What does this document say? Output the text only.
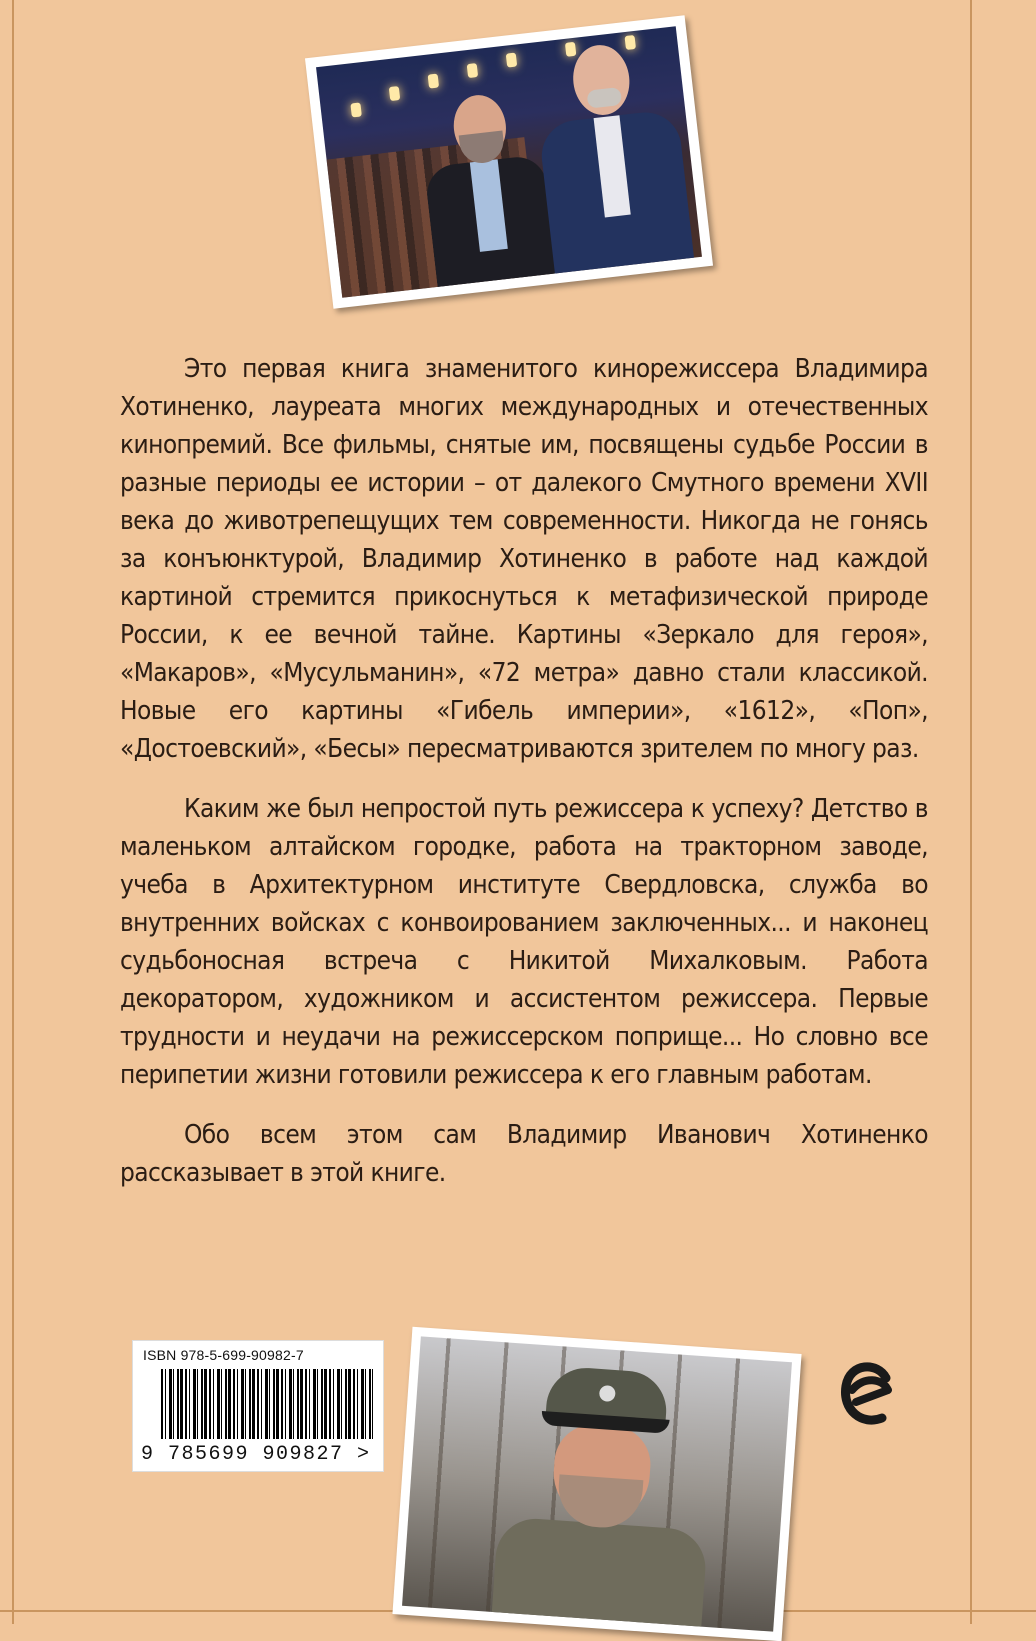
Это первая книга знаменитого кинорежиссера Владимира Хотиненко, лауреата многих международных и отечественных кинопремий. Все фильмы, снятые им, посвящены судьбе России в разные периоды ее истории – от далекого Смутного времени XVII века до животрепещущих тем современности. Никогда не гонясь за конъюнктурой, Владимир Хотиненко в работе над каждой картиной стремится прикоснуться к метафизической природе России, к ее вечной тайне. Картины «Зеркало для героя», «Макаров», «Мусульманин», «72 метра» давно стали классикой. Новые его картины «Гибель империи», «1612», «Поп», «Достоевский», «Бесы» пересматриваются зрителем по многу раз.

Каким же был непростой путь режиссера к успеху? Детство в маленьком алтайском городке, работа на тракторном заводе, учеба в Архитектурном институте Свердловска, служба во внутренних войсках с конвоированием заключенных... и наконец судьбоносная встреча с Никитой Михалковым. Работа декоратором, художником и ассистентом режиссера. Первые трудности и неудачи на режиссерском поприще... Но словно все перипетии жизни готовили режиссера к его главным работам.

Обо всем этом сам Владимир Иванович Хотиненко рассказывает в этой книге.

ISBN 978-5-699-90982-7
9 785699 909827 >
